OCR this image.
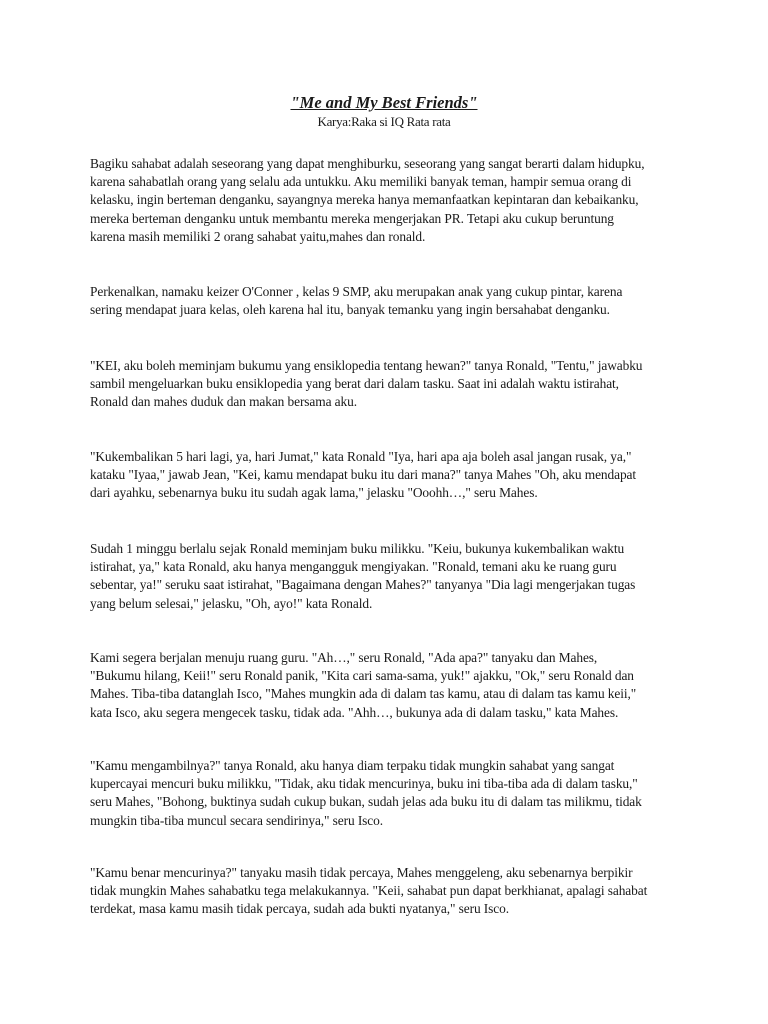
"Me and My Best Friends"
Karya:Raka si IQ Rata rata

Bagiku sahabat adalah seseorang yang dapat menghiburku, seseorang yang sangat berarti dalam hidupku,
karena sahabatlah orang yang selalu ada untukku. Aku memiliki banyak teman, hampir semua orang di
kelasku, ingin berteman denganku, sayangnya mereka hanya memanfaatkan kepintaran dan kebaikanku,
mereka berteman denganku untuk membantu mereka mengerjakan PR. Tetapi aku cukup beruntung
karena masih memiliki 2 orang sahabat yaitu,mahes dan ronald.

Perkenalkan, namaku keizer O'Conner , kelas 9 SMP, aku merupakan anak yang cukup pintar, karena
sering mendapat juara kelas, oleh karena hal itu, banyak temanku yang ingin bersahabat denganku.

"KEI, aku boleh meminjam bukumu yang ensiklopedia tentang hewan?" tanya Ronald, "Tentu," jawabku
sambil mengeluarkan buku ensiklopedia yang berat dari dalam tasku. Saat ini adalah waktu istirahat,
Ronald dan mahes duduk dan makan bersama aku.

"Kukembalikan 5 hari lagi, ya, hari Jumat," kata Ronald "Iya, hari apa aja boleh asal jangan rusak, ya,"
kataku "Iyaa," jawab Jean, "Kei, kamu mendapat buku itu dari mana?" tanya Mahes "Oh, aku mendapat
dari ayahku, sebenarnya buku itu sudah agak lama," jelasku "Ooohh…," seru Mahes.

Sudah 1 minggu berlalu sejak Ronald meminjam buku milikku. "Keiu, bukunya kukembalikan waktu
istirahat, ya," kata Ronald, aku hanya mengangguk mengiyakan. "Ronald, temani aku ke ruang guru
sebentar, ya!" seruku saat istirahat, "Bagaimana dengan Mahes?" tanyanya "Dia lagi mengerjakan tugas
yang belum selesai," jelasku, "Oh, ayo!" kata Ronald.

Kami segera berjalan menuju ruang guru. "Ah…," seru Ronald, "Ada apa?" tanyaku dan Mahes,
"Bukumu hilang, Keii!" seru Ronald panik, "Kita cari sama-sama, yuk!" ajakku, "Ok," seru Ronald dan
Mahes. Tiba-tiba datanglah Isco, "Mahes mungkin ada di dalam tas kamu, atau di dalam tas kamu keii,"
kata Isco, aku segera mengecek tasku, tidak ada. "Ahh…, bukunya ada di dalam tasku," kata Mahes.

"Kamu mengambilnya?" tanya Ronald, aku hanya diam terpaku tidak mungkin sahabat yang sangat
kupercayai mencuri buku milikku, "Tidak, aku tidak mencurinya, buku ini tiba-tiba ada di dalam tasku,"
seru Mahes, "Bohong, buktinya sudah cukup bukan, sudah jelas ada buku itu di dalam tas milikmu, tidak
mungkin tiba-tiba muncul secara sendirinya," seru Isco.

"Kamu benar mencurinya?" tanyaku masih tidak percaya, Mahes menggeleng, aku sebenarnya berpikir
tidak mungkin Mahes sahabatku tega melakukannya. "Keii, sahabat pun dapat berkhianat, apalagi sahabat
terdekat, masa kamu masih tidak percaya, sudah ada bukti nyatanya," seru Isco.
